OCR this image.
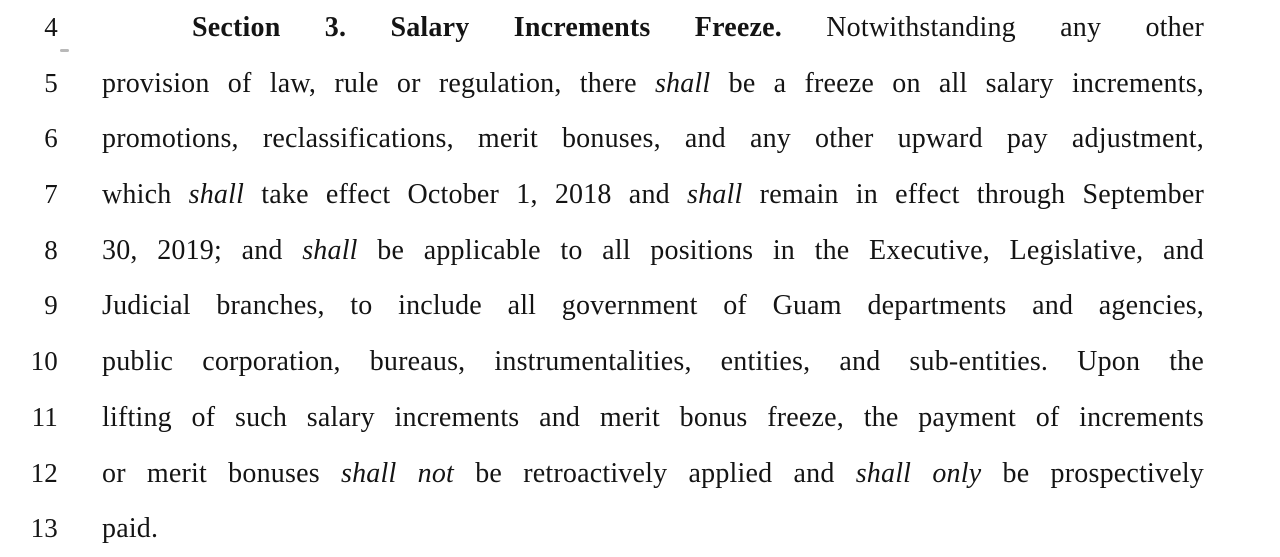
4	Section 3. Salary Increments Freeze. Notwithstanding any other
5 provision of law, rule or regulation, there shall be a freeze on all salary increments,
6 promotions, reclassifications, merit bonuses, and any other upward pay adjustment,
7 which shall take effect October 1, 2018 and shall remain in effect through September
8 30, 2019; and shall be applicable to all positions in the Executive, Legislative, and
9 Judicial branches, to include all government of Guam departments and agencies,
10 public corporation, bureaus, instrumentalities, entities, and sub-entities. Upon the
11 lifting of such salary increments and merit bonus freeze, the payment of increments
12 or merit bonuses shall not be retroactively applied and shall only be prospectively
13 paid.
